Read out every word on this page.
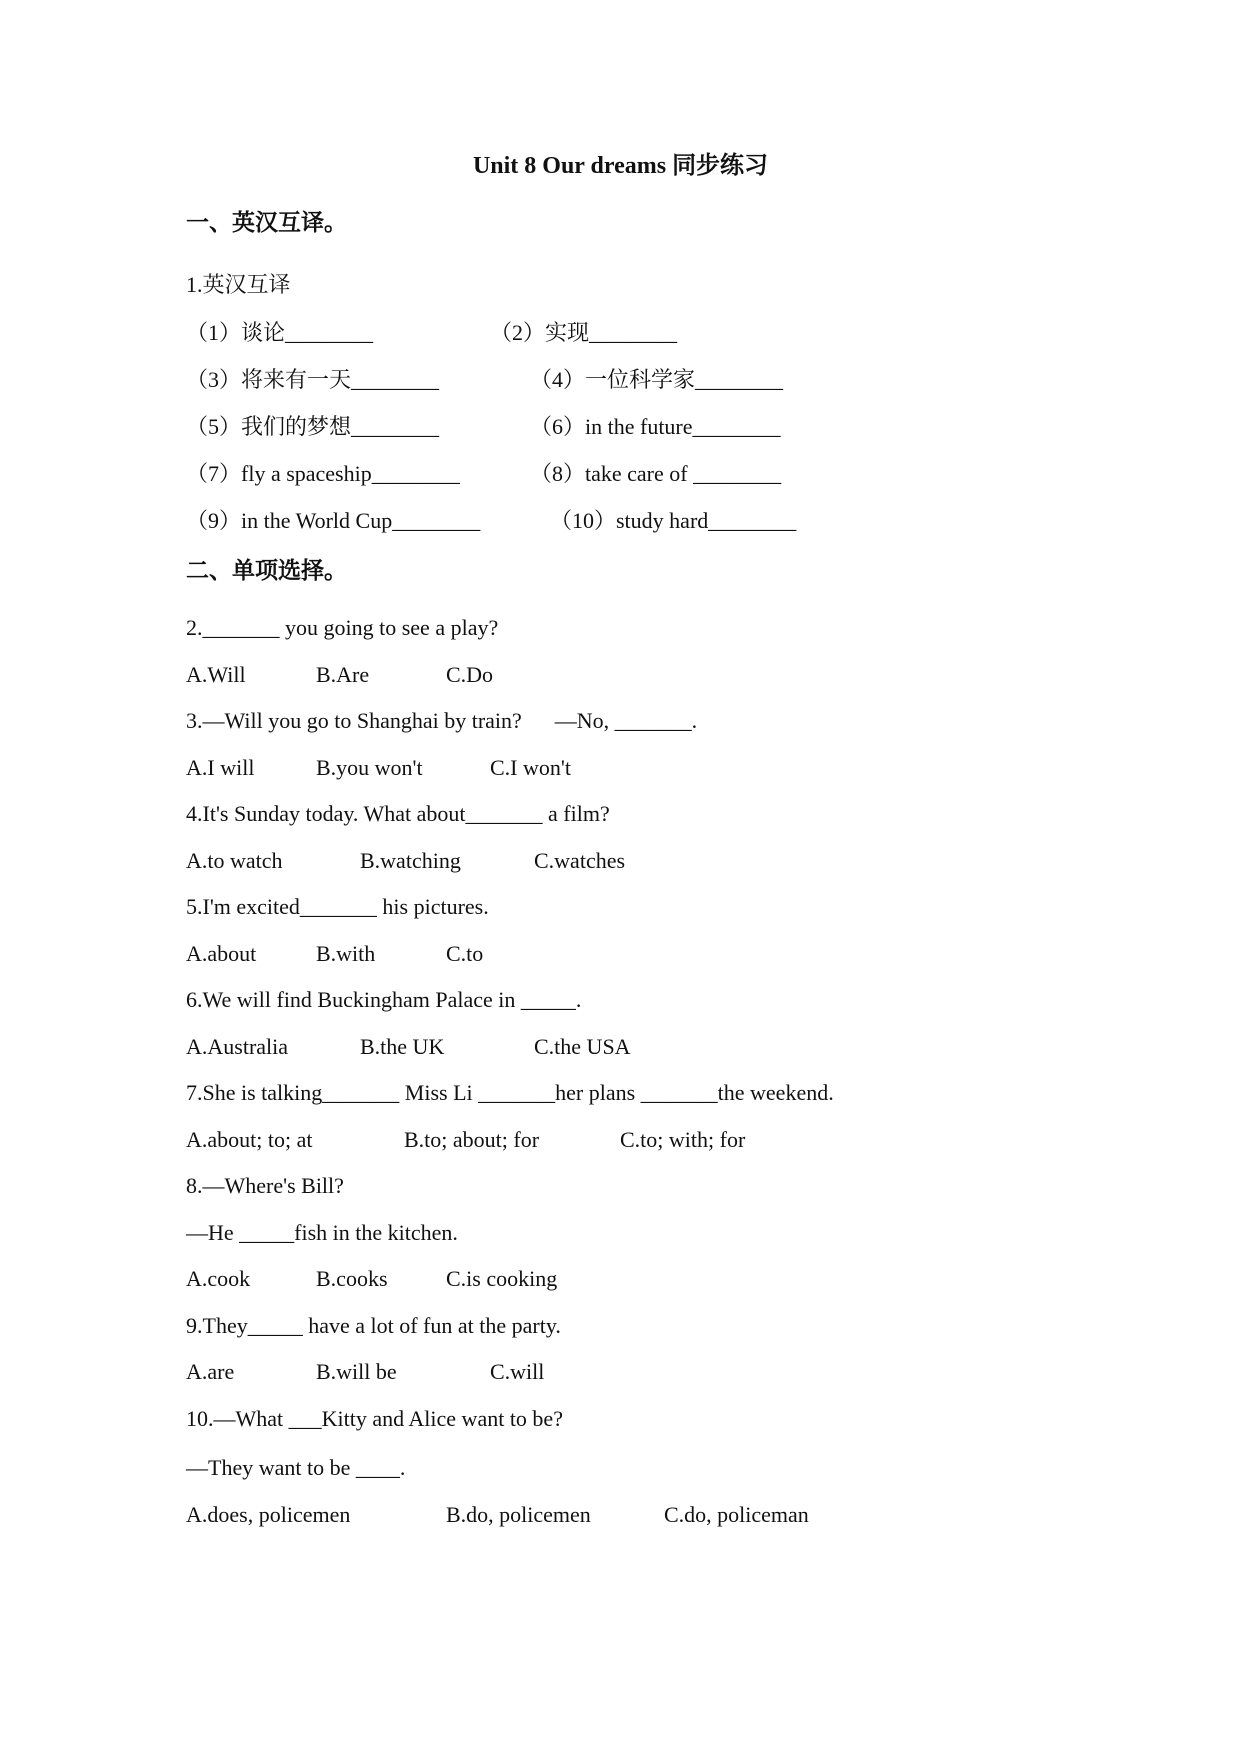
Unit 8 Our dreams 同步练习
一、英汉互译。
1.英汉互译
（1）谈论________	（2）实现________
（3）将来有一天________	（4）一位科学家________
（5）我们的梦想________	（6）in the future________
（7）fly a spaceship________	（8）take care of ________
（9）in the World Cup________	（10）study hard________
二、单项选择。
2._______ you going to see a play?
A.Will	B.Are	C.Do
3.—Will you go to Shanghai by train?      —No, _______.
A.I will	B.you won't	C.I won't
4.It's Sunday today. What about_______ a film?
A.to watch	B.watching	C.watches
5.I'm excited_______ his pictures.
A.about	B.with	C.to
6.We will find Buckingham Palace in _____.
A.Australia	B.the UK	C.the USA
7.She is talking_______ Miss Li _______her plans _______the weekend.
A.about; to; at	B.to; about; for	C.to; with; for
8.—Where's Bill?
—He _____fish in the kitchen.
A.cook	B.cooks	C.is cooking
9.They_____ have a lot of fun at the party.
A.are	B.will be	C.will
10.—What ___Kitty and Alice want to be?
—They want to be ____.
A.does, policemen	B.do, policemen	C.do, policeman
